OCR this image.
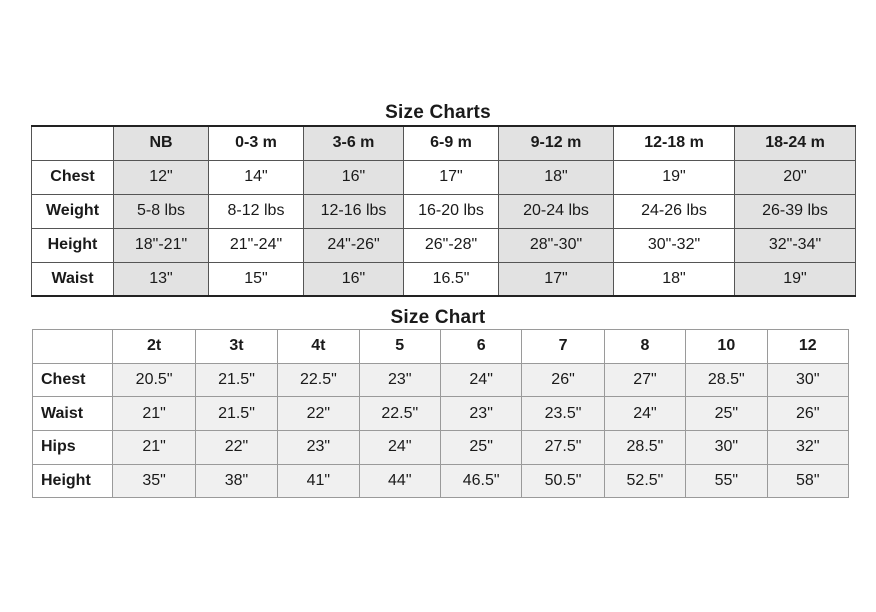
Size Charts
	NB	0-3 m	3-6 m	6-9 m	9-12 m	12-18 m	18-24 m
Chest	12"	14"	16"	17"	18"	19"	20"
Weight	5-8 lbs	8-12 lbs	12-16 lbs	16-20 lbs	20-24 lbs	24-26 lbs	26-39 lbs
Height	18"-21"	21"-24"	24"-26"	26"-28"	28"-30"	30"-32"	32"-34"
Waist	13"	15"	16"	16.5"	17"	18"	19"
Size Chart
	2t	3t	4t	5	6	7	8	10	12
Chest	20.5"	21.5"	22.5"	23"	24"	26"	27"	28.5"	30"
Waist	21"	21.5"	22"	22.5"	23"	23.5"	24"	25"	26"
Hips	21"	22"	23"	24"	25"	27.5"	28.5"	30"	32"
Height	35"	38"	41"	44"	46.5"	50.5"	52.5"	55"	58"
